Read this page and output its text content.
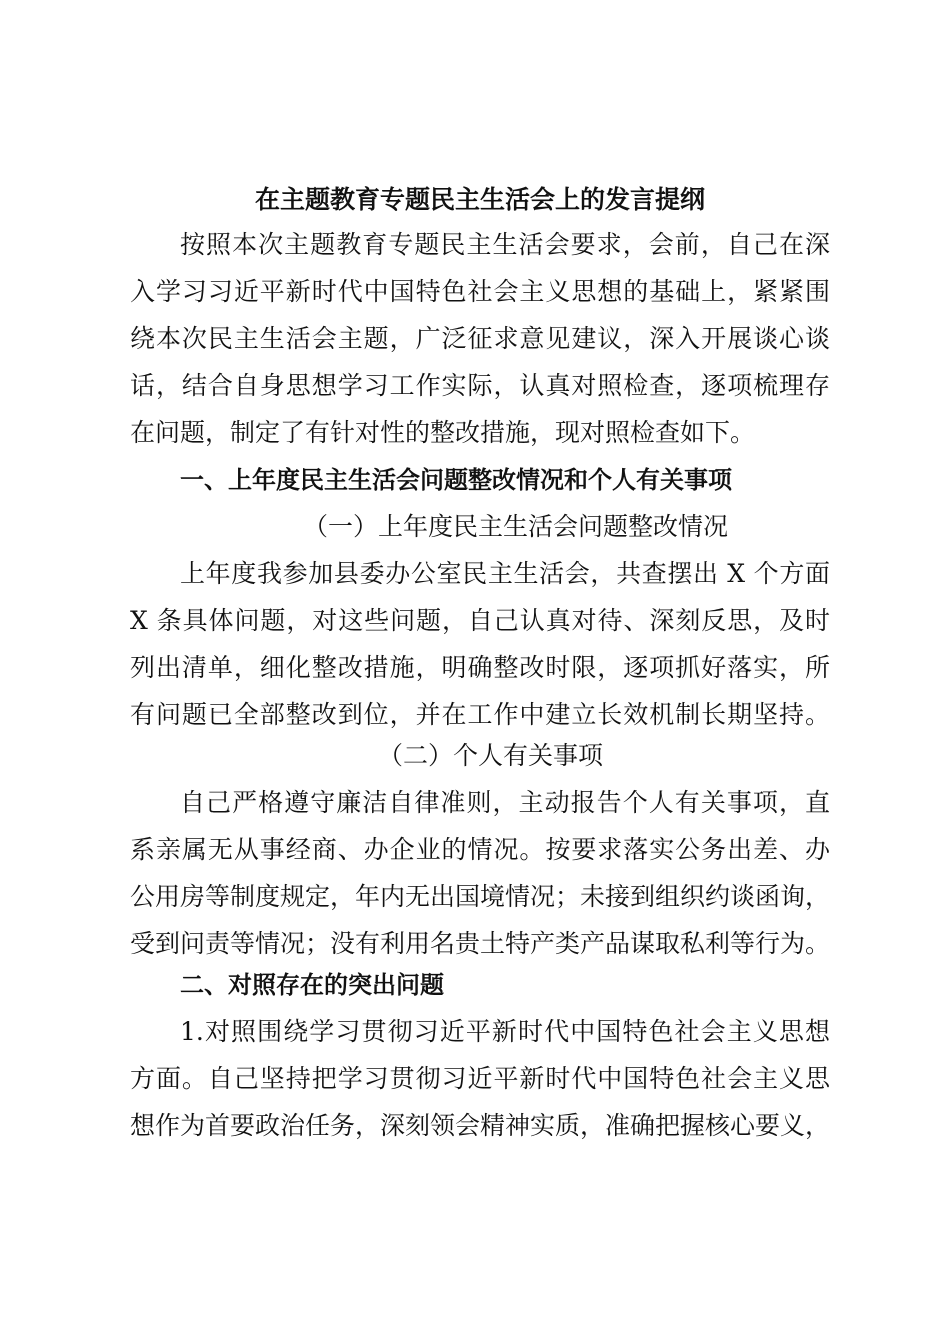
在主题教育专题民主生活会上的发言提纲
按照本次主题教育专题民主生活会要求，会前，自己在深
入学习习近平新时代中国特色社会主义思想的基础上，紧紧围
绕本次民主生活会主题，广泛征求意见建议，深入开展谈心谈
话，结合自身思想学习工作实际，认真对照检查，逐项梳理存
在问题，制定了有针对性的整改措施，现对照检查如下。
一、上年度民主生活会问题整改情况和个人有关事项
（一）上年度民主生活会问题整改情况
上年度我参加县委办公室民主生活会，共查摆出 X 个方面
X 条具体问题，对这些问题，自己认真对待、深刻反思，及时
列出清单，细化整改措施，明确整改时限，逐项抓好落实，所
有问题已全部整改到位，并在工作中建立长效机制长期坚持。
（二）个人有关事项
自己严格遵守廉洁自律准则，主动报告个人有关事项，直
系亲属无从事经商、办企业的情况。按要求落实公务出差、办
公用房等制度规定，年内无出国境情况；未接到组织约谈函询，
受到问责等情况；没有利用名贵土特产类产品谋取私利等行为。
二、对照存在的突出问题
1.对照围绕学习贯彻习近平新时代中国特色社会主义思想
方面。自己坚持把学习贯彻习近平新时代中国特色社会主义思
想作为首要政治任务，深刻领会精神实质，准确把握核心要义，
